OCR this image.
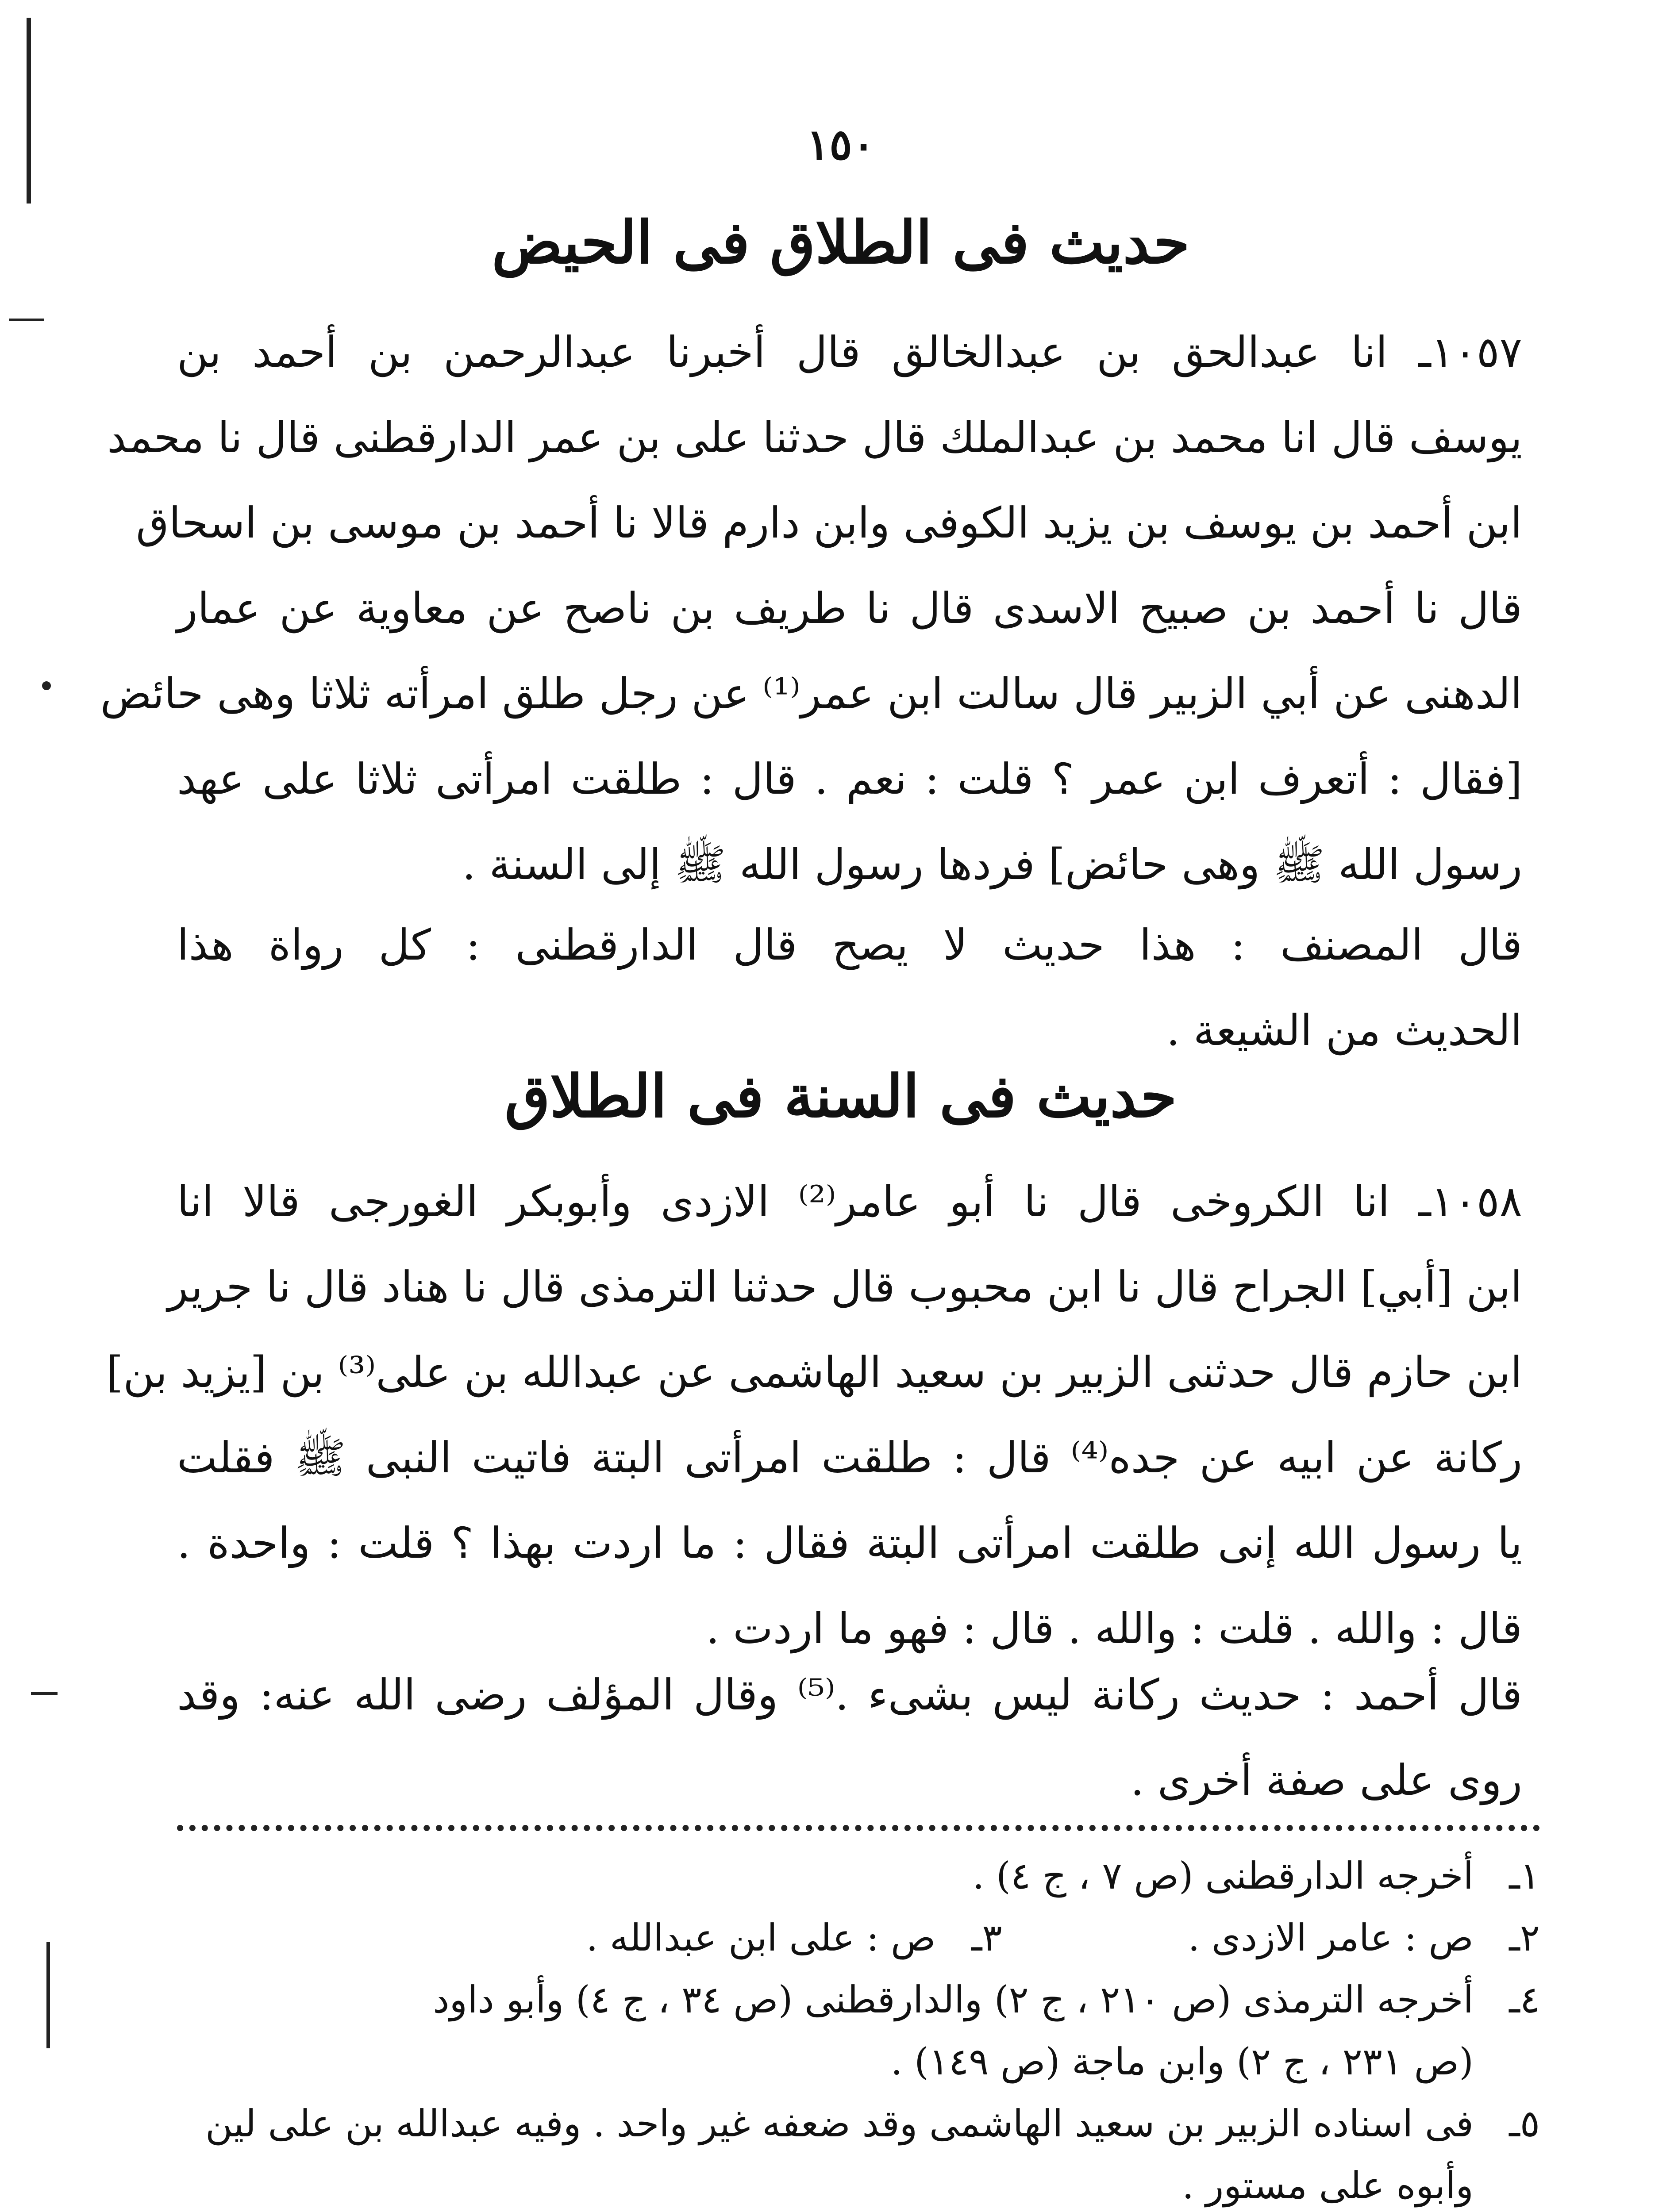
١٥٠
حديث فى الطلاق فى الحيض
١٠٥٧ـ انا عبدالحق بن عبدالخالق قال أخبرنا عبدالرحمن بن أحمد بن
يوسف قال انا محمد بن عبدالملك قال حدثنا على بن عمر الدارقطنى قال نا محمد
ابن أحمد بن يوسف بن يزيد الكوفى وابن دارم قالا نا أحمد بن موسى بن اسحاق
قال نا أحمد بن صبيح الاسدى قال نا طريف بن ناصح عن معاوية عن عمار
الدهنى عن أبي الزبير قال سالت ابن عمر⁽¹⁾ عن رجل طلق امرأته ثلاثا وهى حائض
[فقال : أتعرف ابن عمر ؟ قلت : نعم . قال : طلقت امرأتى ثلاثا على عهد
رسول الله ﷺ وهى حائض] فردها رسول الله ﷺ إلى السنة .
قال المصنف : هذا حديث لا يصح قال الدارقطنى : كل رواة هذا
الحديث من الشيعة .
حديث فى السنة فى الطلاق
١٠٥٨ـ انا الكروخى قال نا أبو عامر⁽²⁾ الازدى وأبوبكر الغورجى قالا انا
ابن [أبي] الجراح قال نا ابن محبوب قال حدثنا الترمذى قال نا هناد قال نا جرير
ابن حازم قال حدثنى الزبير بن سعيد الهاشمى عن عبدالله بن على⁽³⁾ بن [يزيد بن]
ركانة عن ابيه عن جده⁽⁴⁾ قال : طلقت امرأتى البتة فاتيت النبى ﷺ فقلت
يا رسول الله إنى طلقت امرأتى البتة فقال : ما اردت بهذا ؟ قلت : واحدة .
قال : والله . قلت : والله . قال : فهو ما اردت .
قال أحمد : حديث ركانة ليس بشىء .⁽⁵⁾ وقال المؤلف رضى الله عنه: وقد
روى على صفة أخرى .
١ـ
أخرجه الدارقطنى (ص ٧ ، ج ٤) .
٢ـ
ص : عامر الازدى .
٣ـ
ص : على ابن عبدالله .
٤ـ
أخرجه الترمذى (ص ٢١٠ ، ج ٢) والدارقطنى (ص ٣٤ ، ج ٤) وأبو داود
(ص ٢٣١ ، ج ٢) وابن ماجة (ص ١٤٩) .
٥ـ
فى اسناده الزبير بن سعيد الهاشمى وقد ضعفه غير واحد . وفيه عبدالله بن على لين
وأبوه على مستور .
